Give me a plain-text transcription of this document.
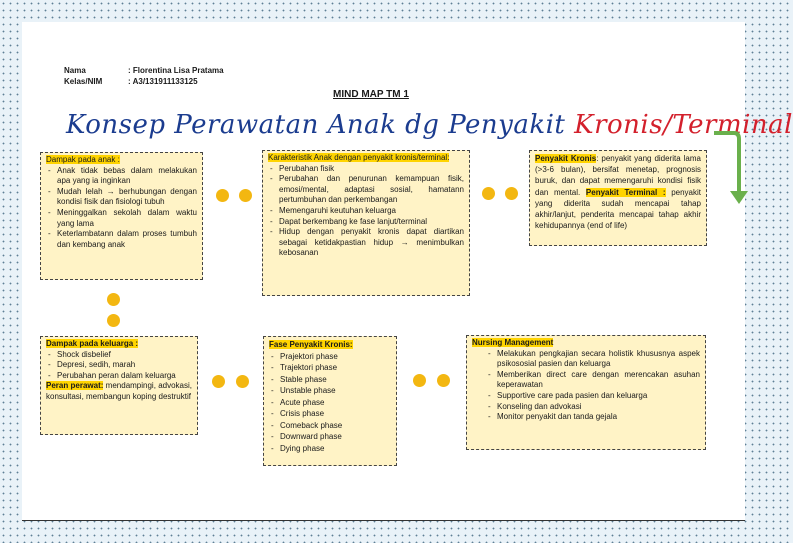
Nama	: Florentina Lisa Pratama
Kelas/NIM	: A3/131911133125
MIND MAP TM 1
Konsep Perawatan Anak dg Penyakit Kronis/Terminal
Dampak pada anak :
- Anak tidak bebas dalam melakukan apa yang ia inginkan
- Mudah lelah → berhubungan dengan kondisi fisik dan fisiologi tubuh
- Meninggalkan sekolah dalam waktu yang lama
- Keterlambatann dalam proses tumbuh dan kembang anak
Karakteristik Anak dengan penyakit kronis/terminal:
- Perubahan fisik
- Perubahan dan penurunan kemampuan fisik, emosi/mental, adaptasi sosial, hamatann pertumbuhan dan perkembangan
- Memengaruhi keutuhan keluarga
- Dapat berkembang ke fase lanjut/terminal
- Hidup dengan penyakit kronis dapat diartikan sebagai ketidakpastian hidup → menimbulkan kebosanan
Penyakit Kronis: penyakit yang diderita lama (>3-6 bulan), bersifat menetap, prognosis buruk, dan dapat memengaruhi kondisi fisik dan mental. Penyakit Terminal : penyakit yang diderita sudah mencapai tahap akhir/lanjut, penderita mencapai tahap akhir kehidupannya (end of life)
Dampak pada keluarga :
- Shock disbelief
- Depresi, sedih, marah
- Perubahan peran dalam keluarga
Peran perawat: mendampingi, advokasi, konsultasi, membangun koping destruktif
Fase Penyakit Kronis:
- Prajektori phase
- Trajektori phase
- Stable phase
- Unstable phase
- Acute phase
- Crisis phase
- Comeback phase
- Downward phase
- Dying phase
Nursing Management
- Melakukan pengkajian secara holistik khususnya aspek psikososial pasien dan keluarga
- Memberikan direct care dengan merencakan asuhan keperawatan
- Supportive care pada pasien dan keluarga
- Konseling dan advokasi
- Monitor penyakit dan tanda gejala
